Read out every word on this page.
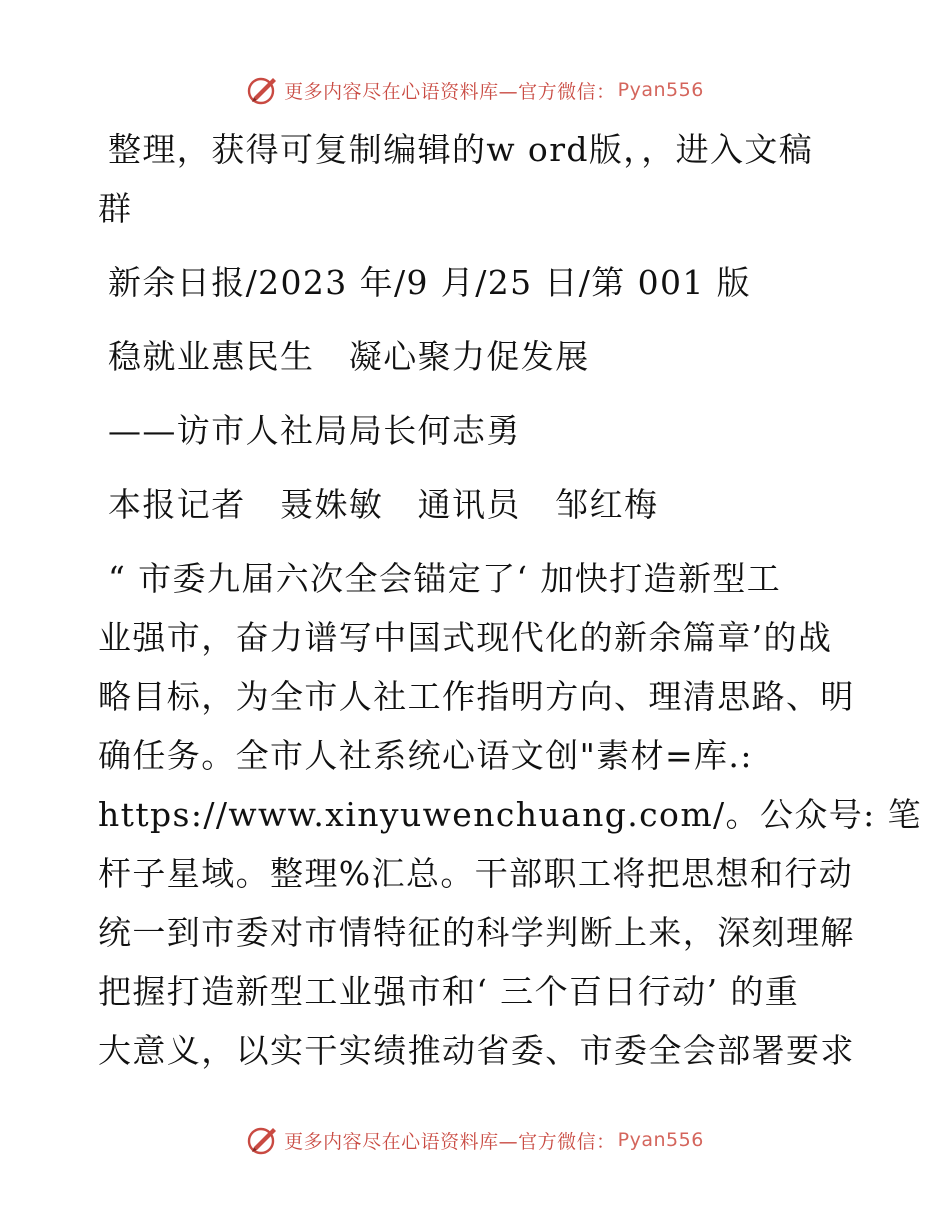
更多内容尽在心语资料库—官方微信： Pyan556
整理，获得可复制编辑的w ord版，，进入文稿
群
新余日报/2023 年/9 月/25 日/第 001 版
稳就业惠民生　凝心聚力促发展
——访市人社局局长何志勇
本报记者　聂姝敏　通讯员　邹红梅
“ 市委九届六次全会锚定了‘ 加快打造新型工
业强市，奋力谱写中国式现代化的新余篇章’的战
略目标，为全市人社工作指明方向、理清思路、明
确任务。全市人社系统心语文创"素材=库.:
https://www.xinyuwenchuang.com/。公众号: 笔
杆子星域。整理%汇总。干部职工将把思想和行动
统一到市委对市情特征的科学判断上来，深刻理解
把握打造新型工业强市和‘ 三个百日行动’ 的重
大意义，以实干实绩推动省委、市委全会部署要求
更多内容尽在心语资料库—官方微信： Pyan556
